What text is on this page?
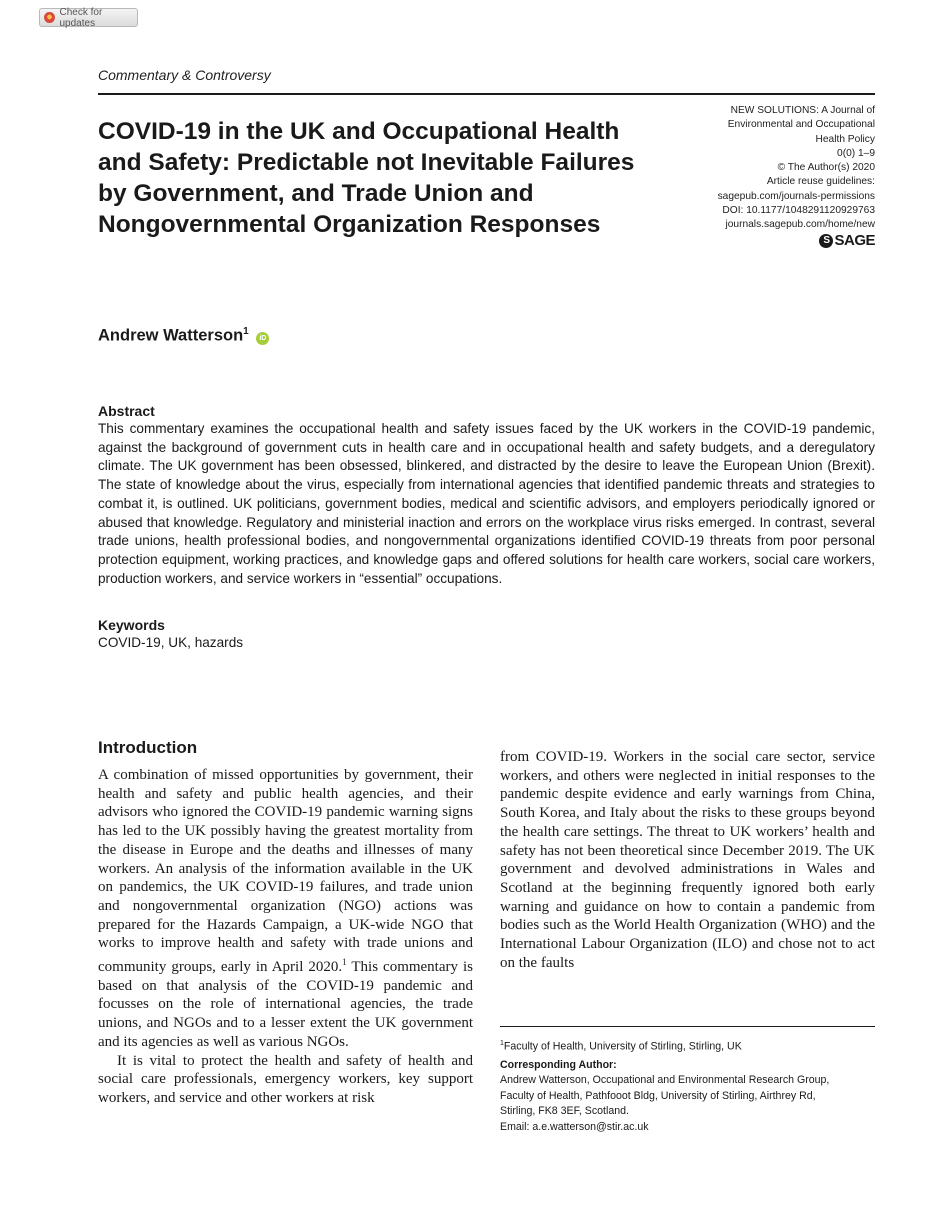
Check for updates
Commentary & Controversy
COVID-19 in the UK and Occupational Health and Safety: Predictable not Inevitable Failures by Government, and Trade Union and Nongovernmental Organization Responses
NEW SOLUTIONS: A Journal of
Environmental and Occupational
Health Policy
0(0) 1–9
© The Author(s) 2020
Article reuse guidelines:
sagepub.com/journals-permissions
DOI: 10.1177/1048291120929763
journals.sagepub.com/home/new
S SAGE
Andrew Watterson$^1$ iD
Abstract

This commentary examines the occupational health and safety issues faced by the UK workers in the COVID-19 pandemic, against the background of government cuts in health care and in occupational health and safety budgets, and a deregulatory climate. The UK government has been obsessed, blinkered, and distracted by the desire to leave the European Union (Brexit). The state of knowledge about the virus, especially from international agencies that identified pandemic threats and strategies to combat it, is outlined. UK politicians, government bodies, medical and scientific advisors, and employers periodically ignored or abused that knowledge. Regulatory and ministerial inaction and errors on the workplace virus risks emerged. In contrast, several trade unions, health professional bodies, and nongovernmental organizations identified COVID-19 threats from poor personal protection equipment, working practices, and knowledge gaps and offered solutions for health care workers, social care workers, production workers, and service workers in “essential” occupations.

Keywords

COVID-19, UK, hazards

Introduction

A combination of missed opportunities by government, their health and safety and public health agencies, and their advisors who ignored the COVID-19 pandemic warning signs has led to the UK possibly having the greatest mortality from the disease in Europe and the deaths and illnesses of many workers. An analysis of the information available in the UK on pandemics, the UK COVID-19 failures, and trade union and nongovernmental organization (NGO) actions was prepared for the Hazards Campaign, a UK-wide NGO that works to improve health and safety with trade unions and community groups, early in April 2020.$^1$ This commentary is based on that analysis of the COVID-19 pandemic and focusses on the role of international agencies, the trade unions, and NGOs and to a lesser extent the UK government and its agencies as well as various NGOs.

It is vital to protect the health and safety of health and social care professionals, emergency workers, key support workers, and service and other workers at risk

from COVID-19. Workers in the social care sector, service workers, and others were neglected in initial responses to the pandemic despite evidence and early warnings from China, South Korea, and Italy about the risks to these groups beyond the health care settings. The threat to UK workers’ health and safety has not been theoretical since December 2019. The UK government and devolved administrations in Wales and Scotland at the beginning frequently ignored both early warning and guidance on how to contain a pandemic from bodies such as the World Health Organization (WHO) and the International Labour Organization (ILO) and chose not to act on the faults

$^1$Faculty of Health, University of Stirling, Stirling, UK
Corresponding Author:
Andrew Watterson, Occupational and Environmental Research Group,
Faculty of Health, Pathfooot Bldg, University of Stirling, Airthrey Rd,
Stirling, FK8 3EF, Scotland.
Email: a.e.watterson@stir.ac.uk
